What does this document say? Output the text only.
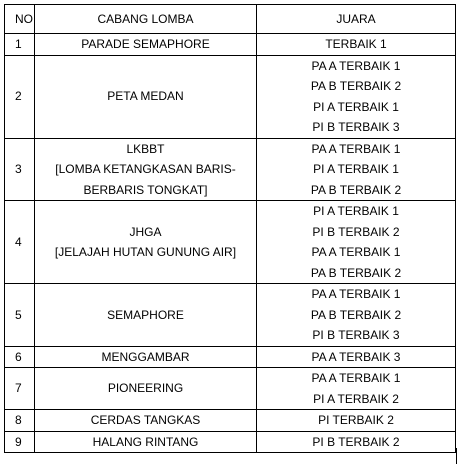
NO	CABANG LOMBA	JUARA
1	PARADE SEMAPHORE	TERBAIK 1

2	PETA MEDAN	PA A TERBAIK 1
PA B TERBAIK 2
PI A TERBAIK 1
PI B TERBAIK 3

3	LKBBT
[LOMBA KETANGKASAN BARIS-
BERBARIS TONGKAT]	PA A TERBAIK 1
PI A TERBAIK 1
PA B TERBAIK 2

4	JHGA
[JELAJAH HUTAN GUNUNG AIR]	PI A TERBAIK 1
PI B TERBAIK 2
PA A TERBAIK 1
PA B TERBAIK 2

5	SEMAPHORE	PA A TERBAIK 1
PA B TERBAIK 2
PI B TERBAIK 3

6	MENGGAMBAR	PA A TERBAIK 3

7	PIONEERING	PA A TERBAIK 1
PI A TERBAIK 2

8	CERDAS TANGKAS	PI TERBAIK 2

9	HALANG RINTANG	PI B TERBAIK 2
